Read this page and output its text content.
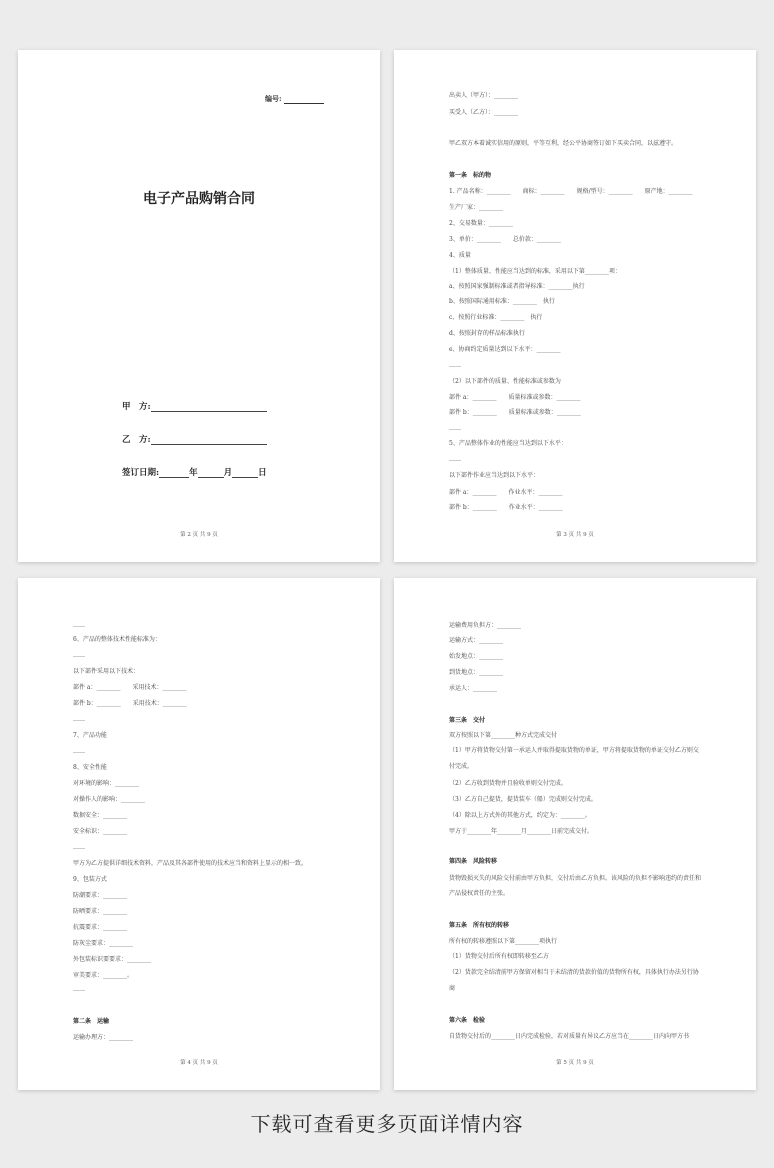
编号:
电子产品购销合同
甲　方:
乙　方:
签订日期:	年	月	日
第 2 页 共 9 页
出卖人（甲方）：________
买受人（乙方）：________
甲乙双方本着诚实信用的原则，平等互利，经公平协商签订如下买卖合同，以兹遵守。
第一条　标的物
1. 产品名称：________　　商标：________　　规格/型号：________　　原产地：________
生产厂家：________
2、交易数量：________
3、单价：________　　总价款：________
4、质量
（1）整体质量、性能应当达到的标准，采用以下第________项：
a、按照国家强制标准或者指导标准：________执行
b、按照国际通用标准：________　执行
c、按照行业标准：________　执行
d、按照封存的样品标准执行
e、协商约定质量达到以下水平：________
……
（2）以下部件的质量、性能标准或参数为
部件 a：________　　质量标准或参数：________
部件 b：________　　质量标准或参数：________
……
5、产品整体作业的性能应当达到以下水平：
……
以下部件作业应当达到以下水平：
部件 a：________　　作业水平：________
部件 b：________　　作业水平：________
第 3 页 共 9 页
……
6、产品的整体技术性能标准为：
……
以下部件采用以下技术：
部件 a：________　　采用技术：________
部件 b：________　　采用技术：________
……
7、产品功能
……
8、安全性能
对环境的影响：________
对操作人的影响：________
数据安全：________
安全标识：________
……
甲方为乙方提供详细技术资料，产品及其各部件使用的技术应当和资料上显示的相一致。
9、包装方式
防潮要求：________
防晒要求：________
抗震要求：________
防灰尘要求：________
外包装标识要要求：________
审美要求：________。
……
第二条　运输
运输办理方：________
第 4 页 共 9 页
运输费用负担方：________
运输方式：________
始发地点：________
到货地点：________
承运人：________
第三条　交付
双方按照以下第________种方式完成交付
（1）甲方将货物交付第一承运人并取得提取货物的单证，甲方将提取货物的单证交付乙方则交
付完成。
（2）乙方收到货物并且验收单则交付完成。
（3）乙方自己提货，提货装车（船）完成则交付完成。
（4）除以上方式外的其他方式，约定为：________。
甲方于________年________月________日前完成交付。
第四条　风险转移
货物毁损灭失的风险交付前由甲方负担，交付后由乙方负担。该风险的负担不影响违约的责任和
产品侵权责任的主张。
第五条　所有权的转移
所有权的转移遵照以下第________项执行
（1）货物交付后所有权即转移至乙方
（2）货款完全结清前甲方保留对相当于未结清的货款价值的货物所有权，具体执行办法另行协
商
第六条　检验
自货物交付后的________日内完成检验，若对质量有异议乙方应当在________日内向甲方书
第 5 页 共 9 页
下载可查看更多页面详情内容
